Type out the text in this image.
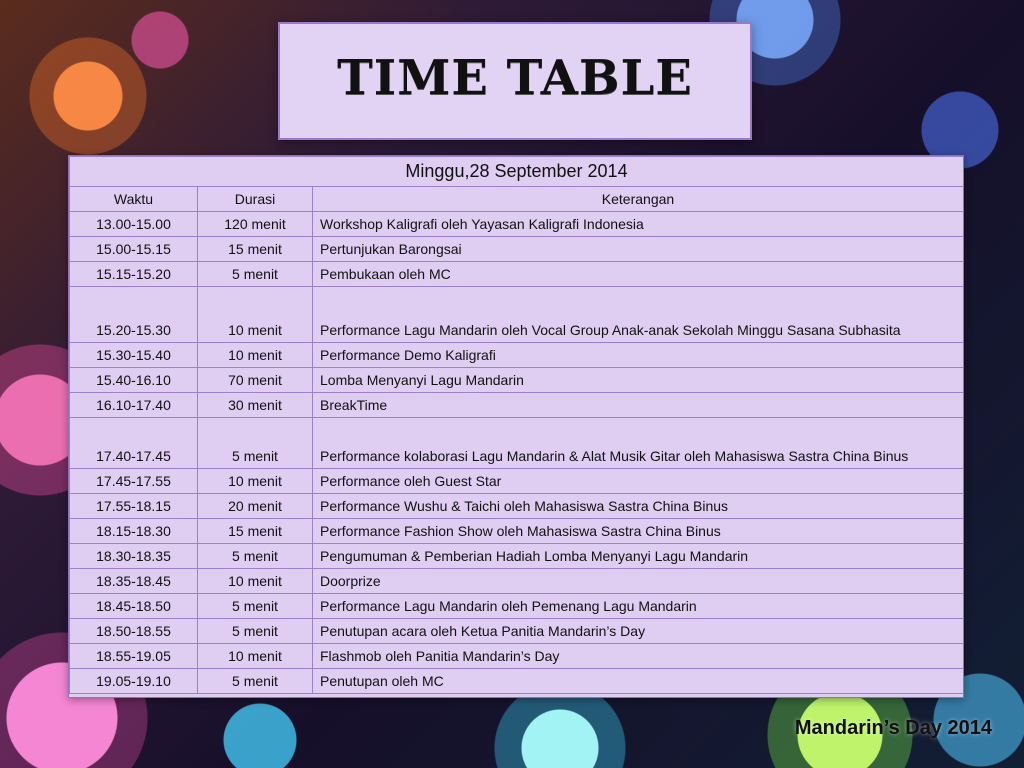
TIME TABLE
Minggu,28 September 2014		
Waktu	Durasi	Keterangan
13.00-15.00	120 menit	Workshop Kaligrafi oleh Yayasan Kaligrafi Indonesia
15.00-15.15	15 menit	Pertunjukan Barongsai
15.15-15.20	5 menit	Pembukaan oleh MC
15.20-15.30	10 menit	Performance Lagu Mandarin oleh Vocal Group Anak-anak Sekolah Minggu Sasana Subhasita
15.30-15.40	10 menit	Performance Demo Kaligrafi
15.40-16.10	70 menit	Lomba Menyanyi Lagu Mandarin
16.10-17.40	30 menit	BreakTime
17.40-17.45	5 menit	Performance kolaborasi Lagu Mandarin & Alat Musik Gitar oleh Mahasiswa Sastra China Binus
17.45-17.55	10 menit	Performance oleh Guest Star
17.55-18.15	20 menit	Performance Wushu & Taichi oleh Mahasiswa Sastra China Binus
18.15-18.30	15 menit	Performance Fashion Show oleh Mahasiswa Sastra China Binus
18.30-18.35	5 menit	Pengumuman & Pemberian Hadiah Lomba Menyanyi Lagu Mandarin
18.35-18.45	10 menit	Doorprize
18.45-18.50	5 menit	Performance Lagu Mandarin oleh Pemenang Lagu Mandarin
18.50-18.55	5 menit	Penutupan acara oleh Ketua Panitia Mandarin’s Day
18.55-19.05	10 menit	Flashmob oleh Panitia Mandarin’s Day
19.05-19.10	5 menit	Penutupan oleh MC
Mandarin’s Day 2014
